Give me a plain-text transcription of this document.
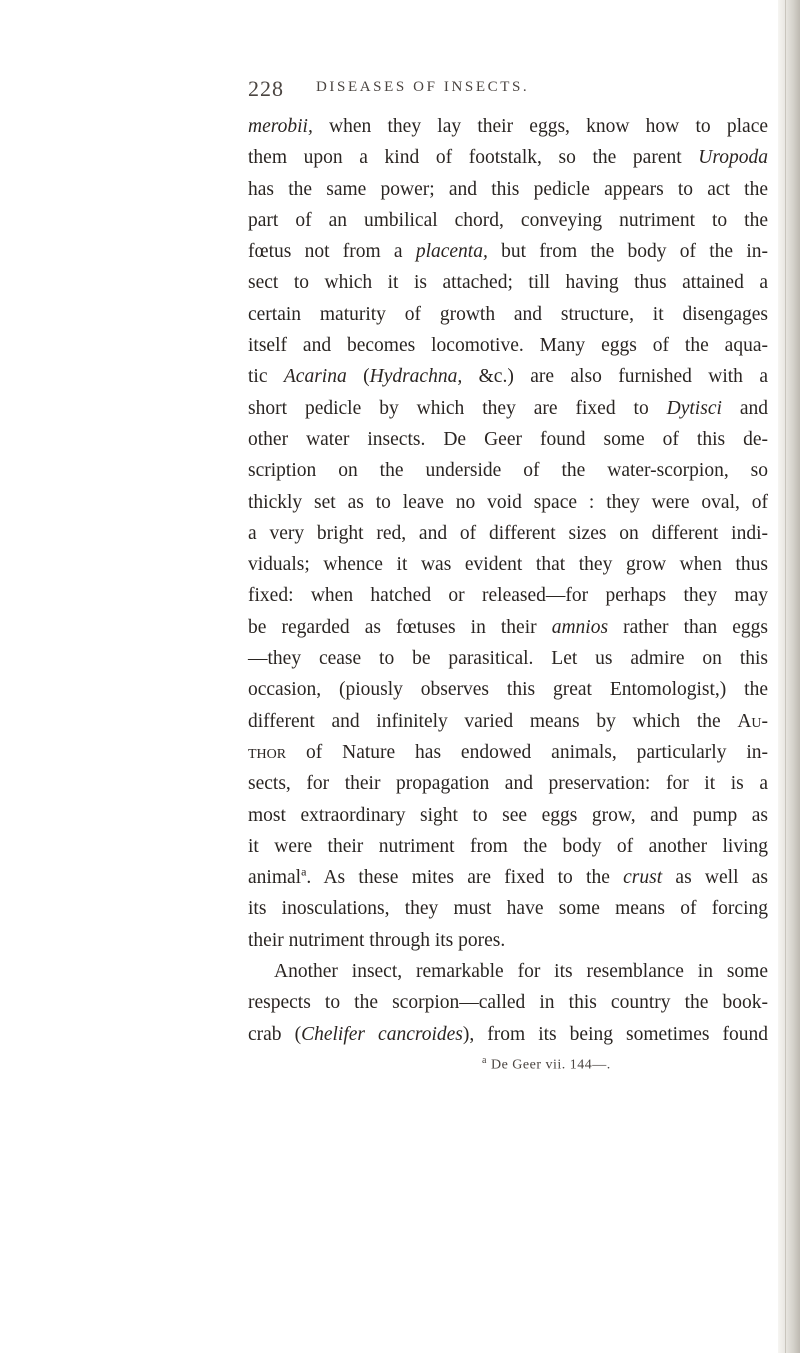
228 DISEASES OF INSECTS.
merobii, when they lay their eggs, know how to place
them upon a kind of footstalk, so the parent Uropoda
has the same power; and this pedicle appears to act the
part of an umbilical chord, conveying nutriment to the
fœtus not from a placenta, but from the body of the in-
sect to which it is attached; till having thus attained a
certain maturity of growth and structure, it disengages
itself and becomes locomotive. Many eggs of the aqua-
tic Acarina (Hydrachna, &c.) are also furnished with a
short pedicle by which they are fixed to Dytisci and
other water insects. De Geer found some of this de-
scription on the underside of the water-scorpion, so
thickly set as to leave no void space : they were oval, of
a very bright red, and of different sizes on different indi-
viduals; whence it was evident that they grow when thus
fixed: when hatched or released—for perhaps they may
be regarded as fœtuses in their amnios rather than eggs
—they cease to be parasitical. Let us admire on this
occasion, (piously observes this great Entomologist,) the
different and infinitely varied means by which the Au-
thor of Nature has endowed animals, particularly in-
sects, for their propagation and preservation: for it is a
most extraordinary sight to see eggs grow, and pump as
it were their nutriment from the body of another living
animal$^a$. As these mites are fixed to the crust as well as
its inosculations, they must have some means of forcing
their nutriment through its pores.
Another insect, remarkable for its resemblance in some
respects to the scorpion—called in this country the book-
crab (Chelifer cancroides), from its being sometimes found
$^a$ De Geer vii. 144—.
